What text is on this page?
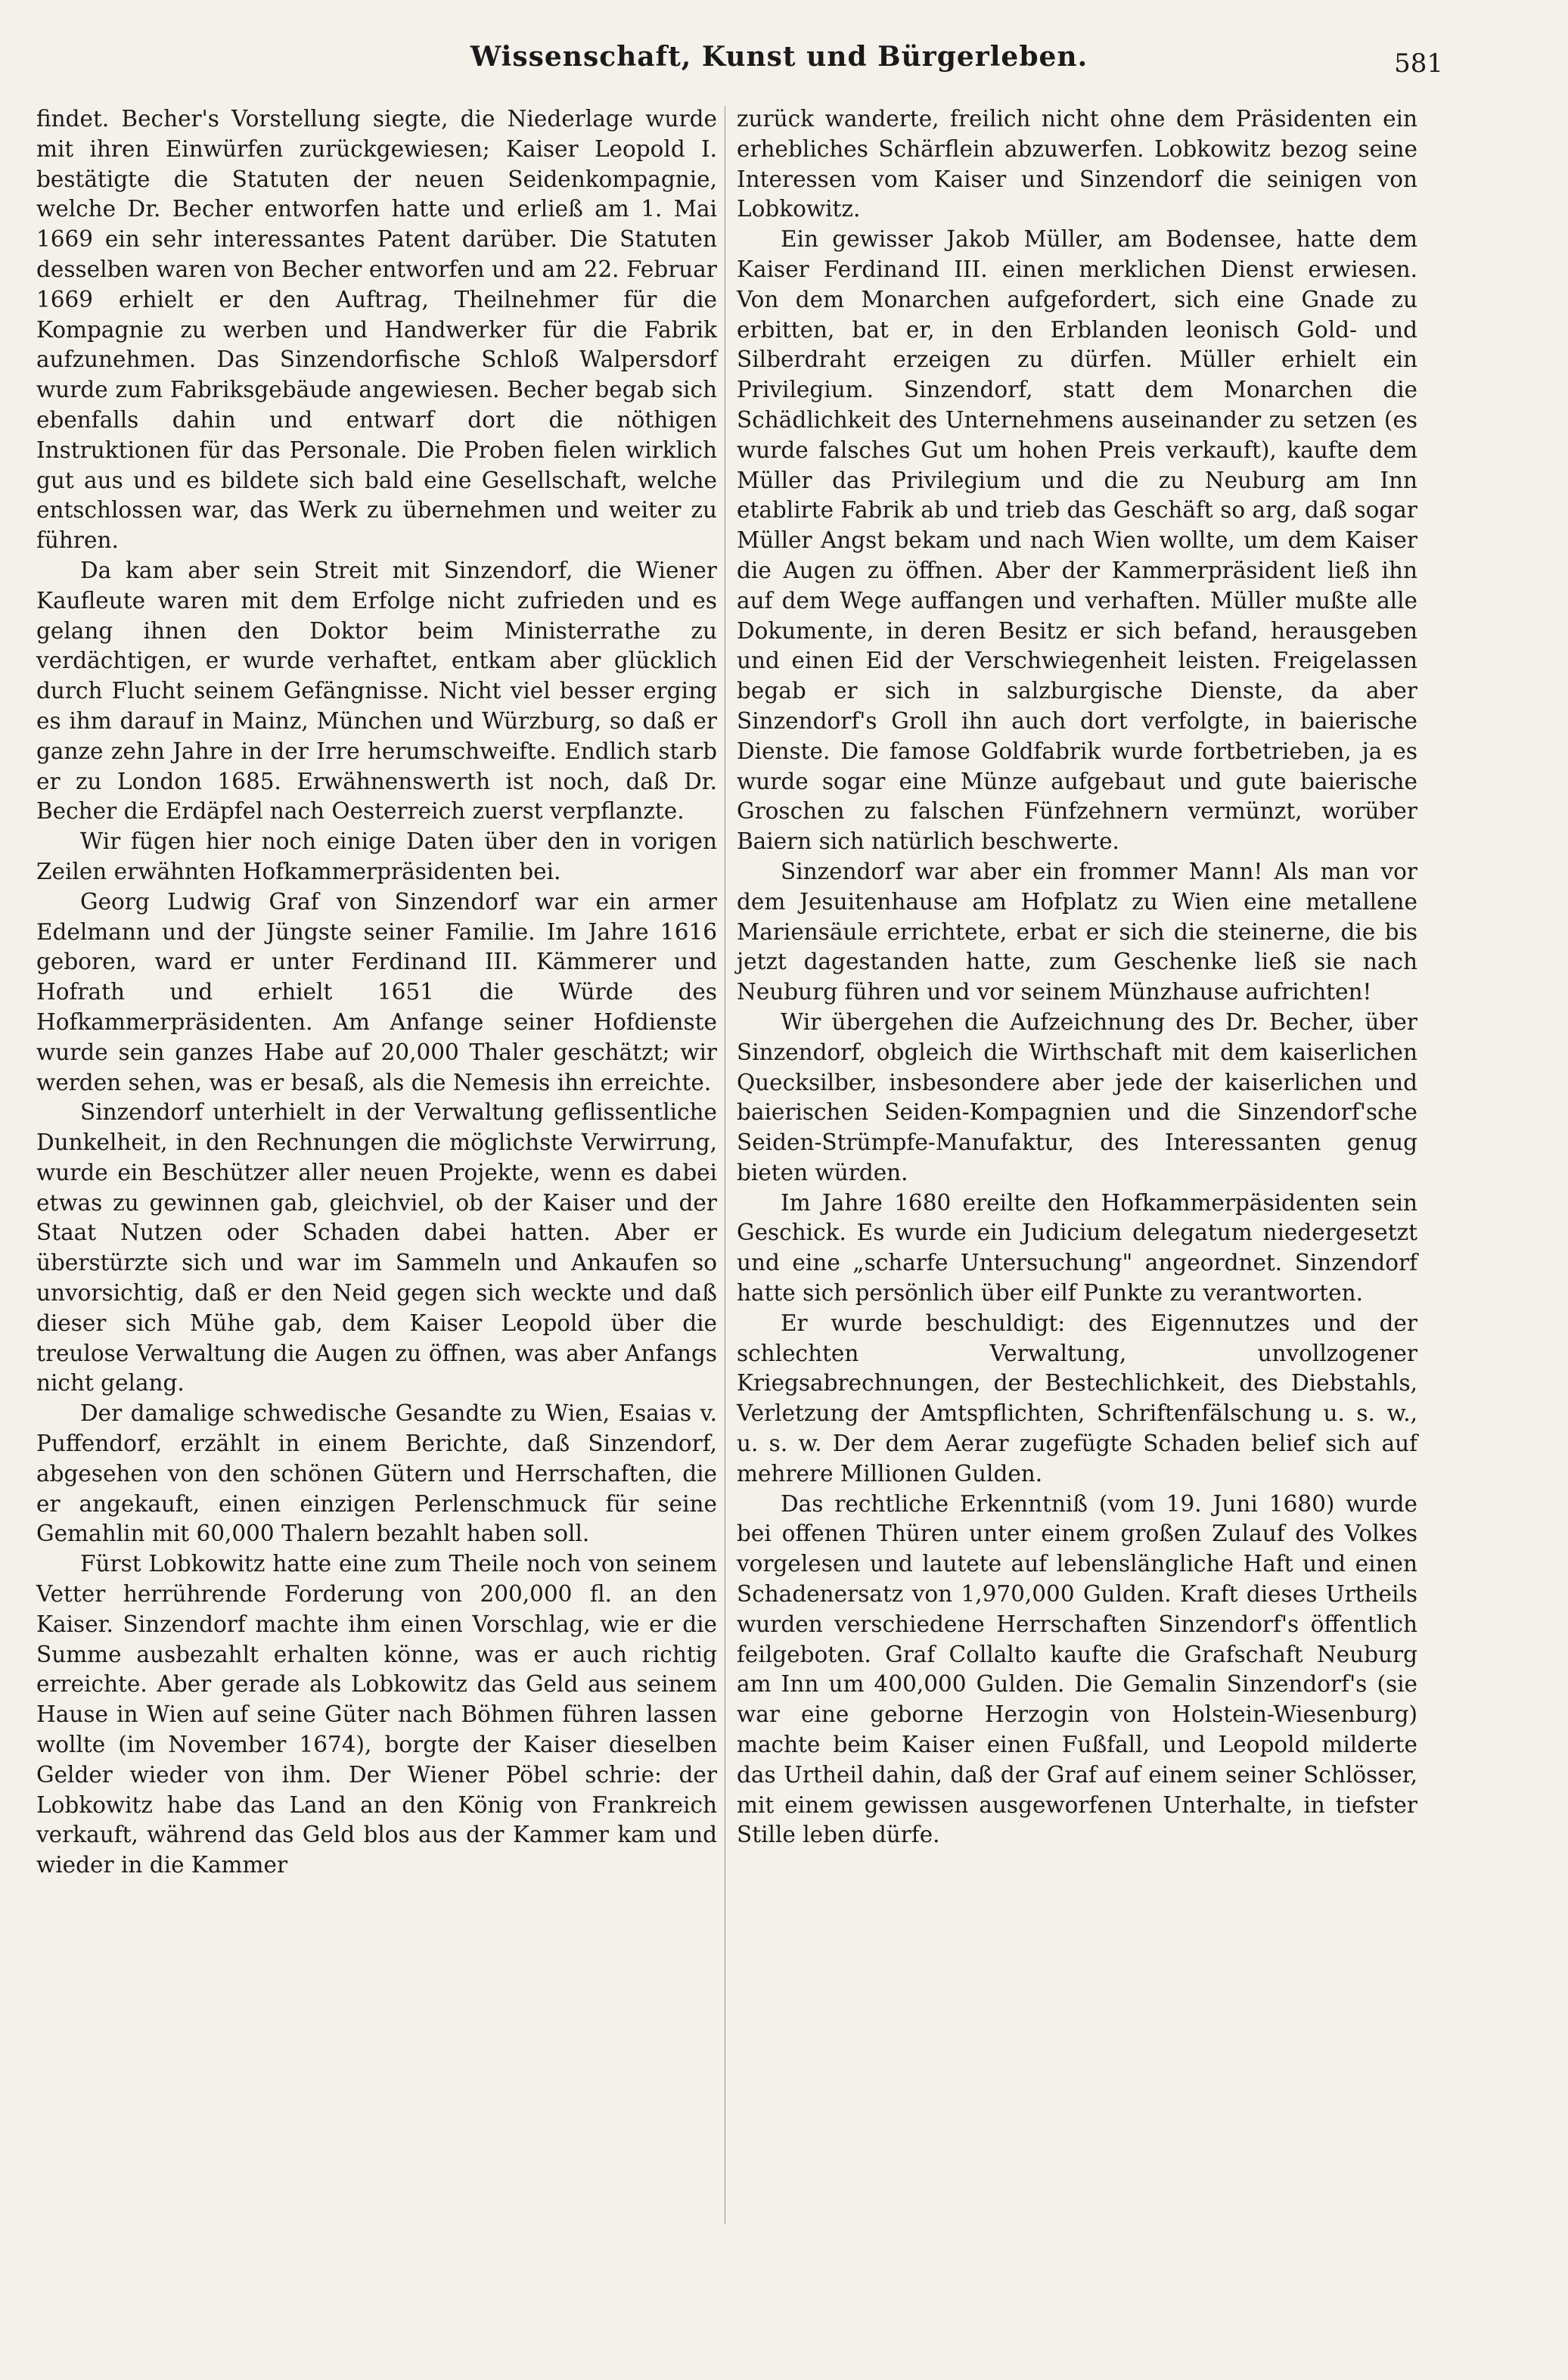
Wissenschaft, Kunst und Bürgerleben.	581

findet. Becher's Vorstellung siegte, die Niederlage wurde mit ihren Einwürfen zurückgewiesen; Kaiser Leopold I. bestätigte die Statuten der neuen Seidenkompagnie, welche Dr. Becher entworfen hatte und erließ am 1. Mai 1669 ein sehr interessantes Patent darüber. Die Statuten desselben waren von Becher entworfen und am 22. Februar 1669 erhielt er den Auftrag, Theilnehmer für die Kompagnie zu werben und Handwerker für die Fabrik aufzunehmen. Das Sinzendorfische Schloß Walpersdorf wurde zum Fabriksgebäude angewiesen. Becher begab sich ebenfalls dahin und entwarf dort die nöthigen Instruktionen für das Personale. Die Proben fielen wirklich gut aus und es bildete sich bald eine Gesellschaft, welche entschlossen war, das Werk zu übernehmen und weiter zu führen.

Da kam aber sein Streit mit Sinzendorf, die Wiener Kaufleute waren mit dem Erfolge nicht zufrieden und es gelang ihnen den Doktor beim Ministerrathe zu verdächtigen, er wurde verhaftet, entkam aber glücklich durch Flucht seinem Gefängnisse. Nicht viel besser erging es ihm darauf in Mainz, München und Würzburg, so daß er ganze zehn Jahre in der Irre herumschweifte. Endlich starb er zu London 1685. Erwähnenswerth ist noch, daß Dr. Becher die Erdäpfel nach Oesterreich zuerst verpflanzte.

Wir fügen hier noch einige Daten über den in vorigen Zeilen erwähnten Hofkammerpräsidenten bei.

Georg Ludwig Graf von Sinzendorf war ein armer Edelmann und der Jüngste seiner Familie. Im Jahre 1616 geboren, ward er unter Ferdinand III. Kämmerer und Hofrath und erhielt 1651 die Würde des Hofkammerpräsidenten. Am Anfange seiner Hofdienste wurde sein ganzes Habe auf 20,000 Thaler geschätzt; wir werden sehen, was er besaß, als die Nemesis ihn erreichte.

Sinzendorf unterhielt in der Verwaltung geflissentliche Dunkelheit, in den Rechnungen die möglichste Verwirrung, wurde ein Beschützer aller neuen Projekte, wenn es dabei etwas zu gewinnen gab, gleichviel, ob der Kaiser und der Staat Nutzen oder Schaden dabei hatten. Aber er überstürzte sich und war im Sammeln und Ankaufen so unvorsichtig, daß er den Neid gegen sich weckte und daß dieser sich Mühe gab, dem Kaiser Leopold über die treulose Verwaltung die Augen zu öffnen, was aber Anfangs nicht gelang.

Der damalige schwedische Gesandte zu Wien, Esaias v. Puffendorf, erzählt in einem Berichte, daß Sinzendorf, abgesehen von den schönen Gütern und Herrschaften, die er angekauft, einen einzigen Perlenschmuck für seine Gemahlin mit 60,000 Thalern bezahlt haben soll.

Fürst Lobkowitz hatte eine zum Theile noch von seinem Vetter herrührende Forderung von 200,000 fl. an den Kaiser. Sinzendorf machte ihm einen Vorschlag, wie er die Summe ausbezahlt erhalten könne, was er auch richtig erreichte. Aber gerade als Lobkowitz das Geld aus seinem Hause in Wien auf seine Güter nach Böhmen führen lassen wollte (im November 1674), borgte der Kaiser dieselben Gelder wieder von ihm. Der Wiener Pöbel schrie: der Lobkowitz habe das Land an den König von Frankreich verkauft, während das Geld blos aus der Kammer kam und wieder in die Kammer

zurück wanderte, freilich nicht ohne dem Präsidenten ein erhebliches Schärflein abzuwerfen. Lobkowitz bezog seine Interessen vom Kaiser und Sinzendorf die seinigen von Lobkowitz.

Ein gewisser Jakob Müller, am Bodensee, hatte dem Kaiser Ferdinand III. einen merklichen Dienst erwiesen. Von dem Monarchen aufgefordert, sich eine Gnade zu erbitten, bat er, in den Erblanden leonisch Gold- und Silberdraht erzeigen zu dürfen. Müller erhielt ein Privilegium. Sinzendorf, statt dem Monarchen die Schädlichkeit des Unternehmens auseinander zu setzen (es wurde falsches Gut um hohen Preis verkauft), kaufte dem Müller das Privilegium und die zu Neuburg am Inn etablirte Fabrik ab und trieb das Geschäft so arg, daß sogar Müller Angst bekam und nach Wien wollte, um dem Kaiser die Augen zu öffnen. Aber der Kammerpräsident ließ ihn auf dem Wege auffangen und verhaften. Müller mußte alle Dokumente, in deren Besitz er sich befand, herausgeben und einen Eid der Verschwiegenheit leisten. Freigelassen begab er sich in salzburgische Dienste, da aber Sinzendorf's Groll ihn auch dort verfolgte, in baierische Dienste. Die famose Goldfabrik wurde fortbetrieben, ja es wurde sogar eine Münze aufgebaut und gute baierische Groschen zu falschen Fünfzehnern vermünzt, worüber Baiern sich natürlich beschwerte.

Sinzendorf war aber ein frommer Mann! Als man vor dem Jesuitenhause am Hofplatz zu Wien eine metallene Mariensäule errichtete, erbat er sich die steinerne, die bis jetzt dagestanden hatte, zum Geschenke ließ sie nach Neuburg führen und vor seinem Münzhause aufrichten!

Wir übergehen die Aufzeichnung des Dr. Becher, über Sinzendorf, obgleich die Wirthschaft mit dem kaiserlichen Quecksilber, insbesondere aber jede der kaiserlichen und baierischen Seiden-Kompagnien und die Sinzendorf'sche Seiden-Strümpfe-Manufaktur, des Interessanten genug bieten würden.

Im Jahre 1680 ereilte den Hofkammerpäsidenten sein Geschick. Es wurde ein Judicium delegatum niedergesetzt und eine „scharfe Untersuchung" angeordnet. Sinzendorf hatte sich persönlich über eilf Punkte zu verantworten.

Er wurde beschuldigt: des Eigennutzes und der schlechten Verwaltung, unvollzogener Kriegsabrechnungen, der Bestechlichkeit, des Diebstahls, Verletzung der Amtspflichten, Schriftenfälschung u. s. w., u. s. w. Der dem Aerar zugefügte Schaden belief sich auf mehrere Millionen Gulden.

Das rechtliche Erkenntniß (vom 19. Juni 1680) wurde bei offenen Thüren unter einem großen Zulauf des Volkes vorgelesen und lautete auf lebenslängliche Haft und einen Schadenersatz von 1,970,000 Gulden. Kraft dieses Urtheils wurden verschiedene Herrschaften Sinzendorf's öffentlich feilgeboten. Graf Collalto kaufte die Grafschaft Neuburg am Inn um 400,000 Gulden. Die Gemalin Sinzendorf's (sie war eine geborne Herzogin von Holstein-Wiesenburg) machte beim Kaiser einen Fußfall, und Leopold milderte das Urtheil dahin, daß der Graf auf einem seiner Schlösser, mit einem gewissen ausgeworfenen Unterhalte, in tiefster Stille leben dürfe.
